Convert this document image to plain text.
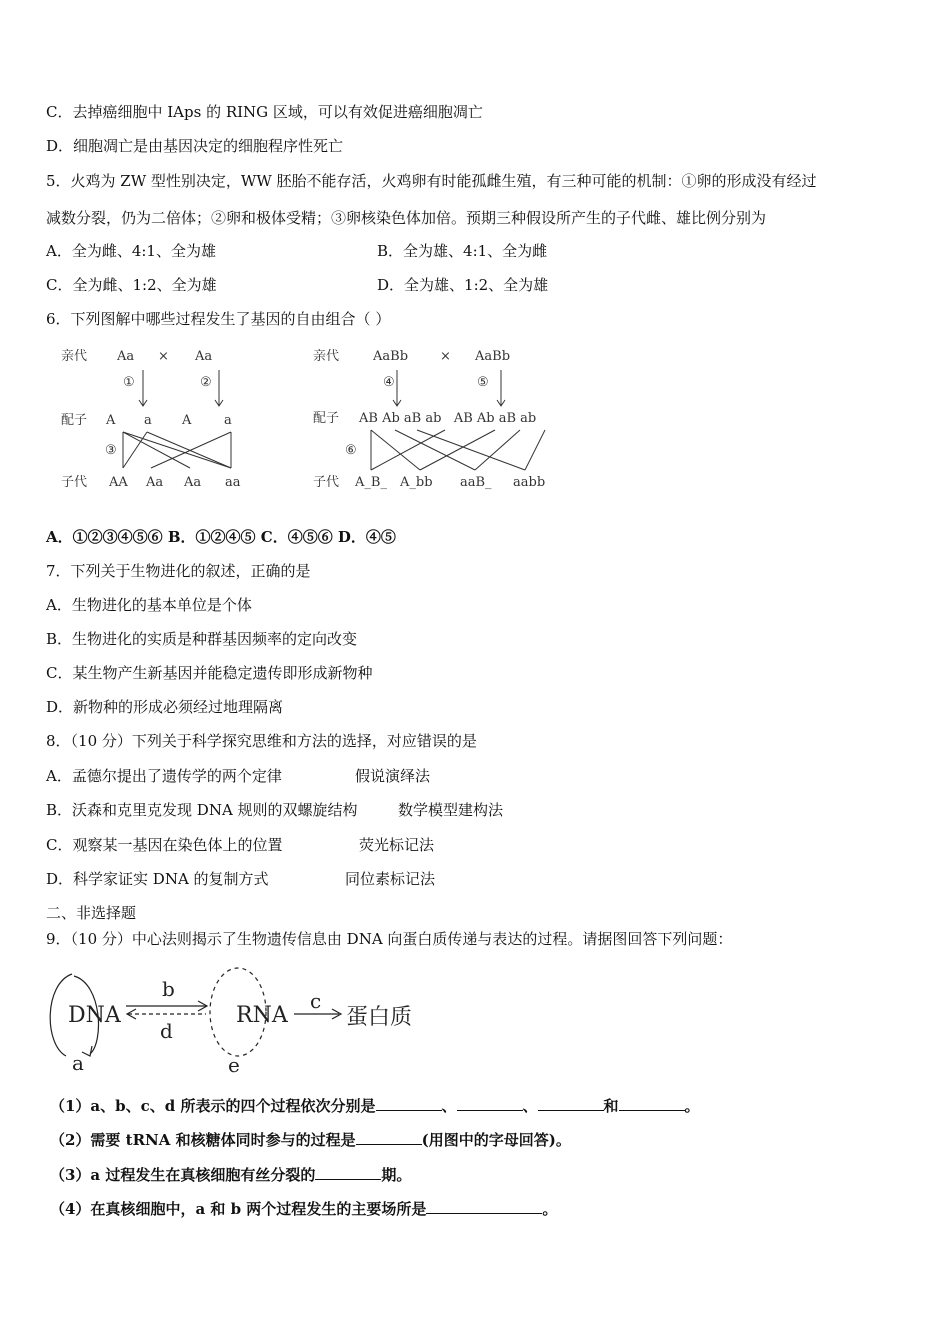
C．去掉癌细胞中 IAps 的 RING 区域，可以有效促进癌细胞凋亡
D．细胞凋亡是由基因决定的细胞程序性死亡
5．火鸡为 ZW 型性别决定，WW 胚胎不能存活，火鸡卵有时能孤雌生殖，有三种可能的机制：①卵的形成没有经过
减数分裂，仍为二倍体；②卵和极体受精；③卵核染色体加倍。预期三种假设所产生的子代雌、雄比例分别为
A．全为雌、4:1、全为雄	B．全为雄、4:1、全为雌
C．全为雌、1:2、全为雄	D．全为雄、1:2、全为雄
6．下列图解中哪些过程发生了基因的自由组合（ ）
亲代 Aa × Aa
①	②
配子 A a A	a
③
子代 AA Aa Aa aa
亲代	AaBb × AaBb
④	⑤
配子 AB Ab aB ab   AB Ab aB ab
⑥
子代 A_B_ A_bb aaB_ aabb
A．①②③④⑤⑥ B．①②④⑤ C．④⑤⑥ D．④⑤
7．下列关于生物进化的叙述，正确的是
A．生物进化的基本单位是个体
B．生物进化的实质是种群基因频率的定向改变
C．某生物产生新基因并能稳定遗传即形成新物种
D．新物种的形成必须经过地理隔离
8．（10 分）下列关于科学探究思维和方法的选择，对应错误的是
A．孟德尔提出了遗传学的两个定律	假说演绎法
B．沃森和克里克发现 DNA 规则的双螺旋结构	数学模型建构法
C．观察某一基因在染色体上的位置	荧光标记法
D．科学家证实 DNA 的复制方式	同位素标记法
二、非选择题
9．（10 分）中心法则揭示了生物遗传信息由 DNA 向蛋白质传递与表达的过程。请据图回答下列问题：
DNA
a
b
d
RNA
e
c
蛋白质
（1）a、b、c、d 所表示的四个过程依次分别是	、	、	和	。
（2）需要 tRNA 和核糖体同时参与的过程是	(用图中的字母回答)。
（3）a 过程发生在真核细胞有丝分裂的	期。
（4）在真核细胞中，a 和 b 两个过程发生的主要场所是	。
